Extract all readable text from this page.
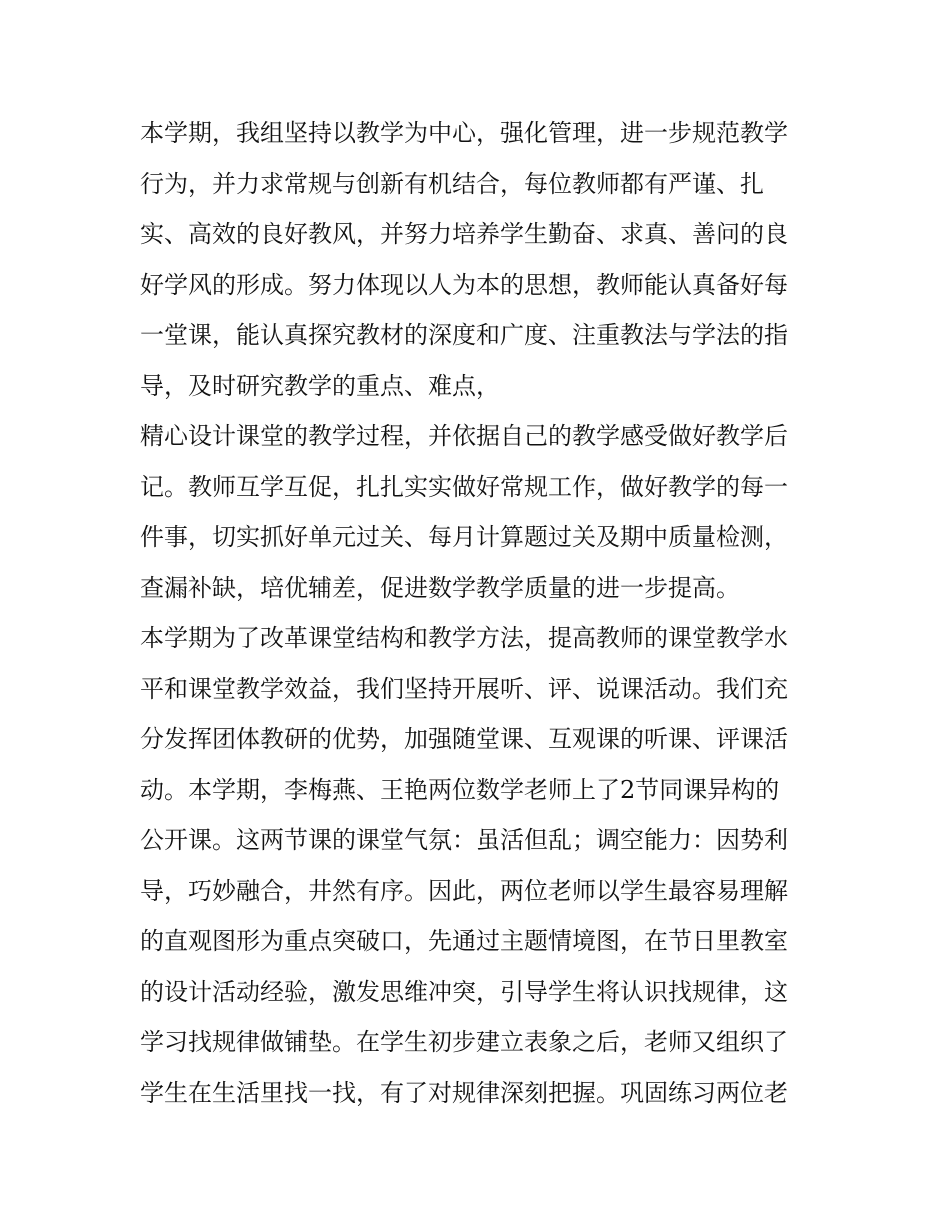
本学期，我组坚持以教学为中心，强化管理，进一步规范教学
行为，并力求常规与创新有机结合，每位教师都有严谨、扎
实、高效的良好教风，并努力培养学生勤奋、求真、善问的良
好学风的形成。努力体现以人为本的思想，教师能认真备好每
一堂课，能认真探究教材的深度和广度、注重教法与学法的指
导，及时研究教学的重点、难点，
精心设计课堂的教学过程，并依据自己的教学感受做好教学后
记。教师互学互促，扎扎实实做好常规工作，做好教学的每一
件事，切实抓好单元过关、每月计算题过关及期中质量检测，
查漏补缺，培优辅差，促进数学教学质量的进一步提高。
本学期为了改革课堂结构和教学方法，提高教师的课堂教学水
平和课堂教学效益，我们坚持开展听、评、说课活动。我们充
分发挥团体教研的优势，加强随堂课、互观课的听课、评课活
动。本学期，李梅燕、王艳两位数学老师上了2节同课异构的
公开课。这两节课的课堂气氛：虽活但乱；调空能力：因势利
导，巧妙融合，井然有序。因此，两位老师以学生最容易理解
的直观图形为重点突破口，先通过主题情境图，在节日里教室
的设计活动经验，激发思维冲突，引导学生将认识找规律，这
学习找规律做铺垫。在学生初步建立表象之后，老师又组织了
学生在生活里找一找，有了对规律深刻把握。巩固练习两位老
